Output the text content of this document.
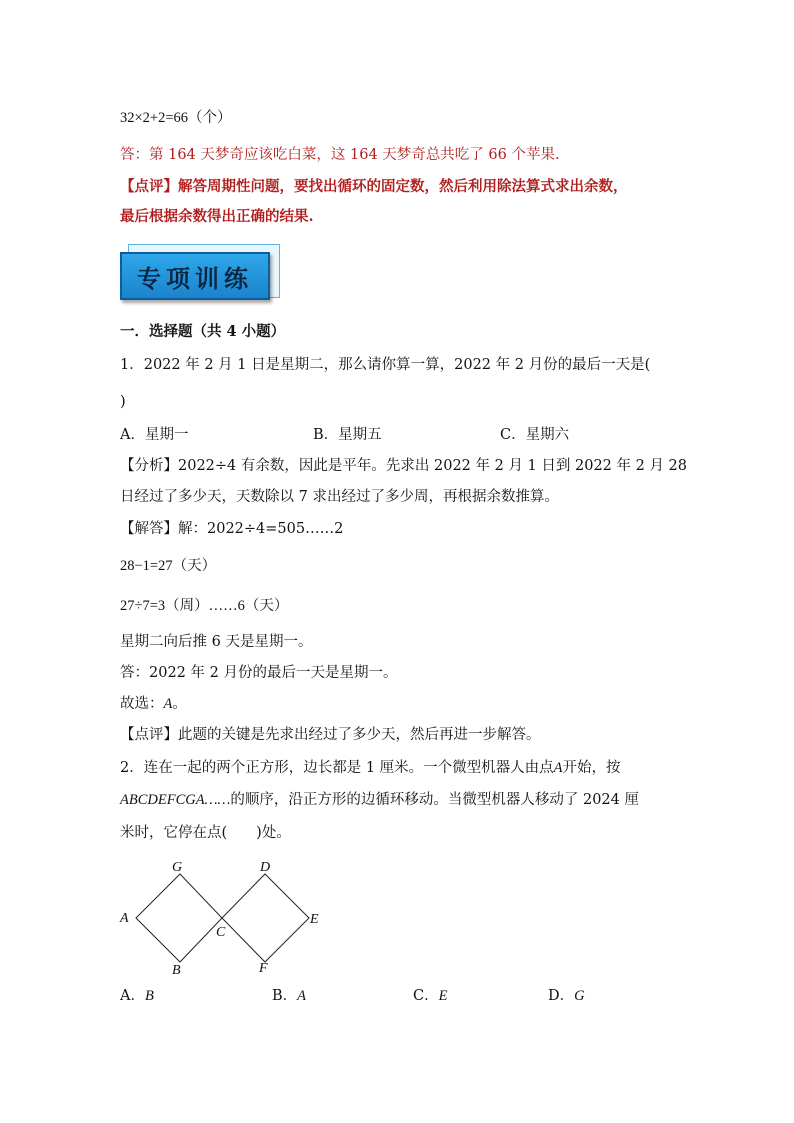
32×2+2=66（个）
答：第 164 天梦奇应该吃白菜，这 164 天梦奇总共吃了 66 个苹果.
【点评】解答周期性问题，要找出循环的固定数，然后利用除法算式求出余数，
最后根据余数得出正确的结果.
专项训练
一．选择题（共 4 小题）
1．2022 年 2 月 1 日是星期二，那么请你算一算，2022 年 2 月份的最后一天是(
)
A．星期一	B．星期五	C．星期六
【分析】2022÷4 有余数，因此是平年。先求出 2022 年 2 月 1 日到 2022 年 2 月 28
日经过了多少天，天数除以 7 求出经过了多少周，再根据余数推算。
【解答】解：2022÷4=505……2
28−1=27（天）
27÷7=3（周）……6（天）
星期二向后推 6 天是星期一。
答：2022 年 2 月份的最后一天是星期一。
故选：A。
【点评】此题的关键是先求出经过了多少天，然后再进一步解答。
2．连在一起的两个正方形，边长都是 1 厘米。一个微型机器人由点A开始，按
ABCDEFCGA……的顺序，沿正方形的边循环移动。当微型机器人移动了 2024 厘
米时，它停在点(　　)处。
A
B
C
D
E
F
G
A．B	B．A	C．E	D．G
